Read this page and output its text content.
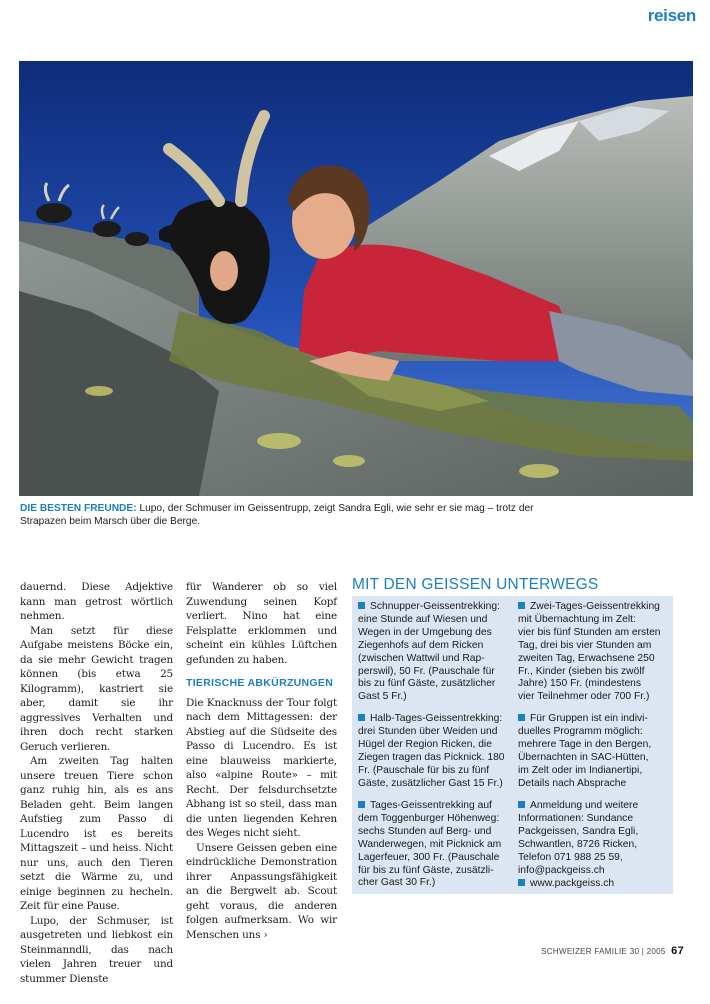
reisen
DIE BESTEN FREUNDE: Lupo, der Schmuser im Geissentrupp, zeigt Sandra Egli, wie sehr er sie mag – trotz der Strapazen beim Marsch über die Berge.

dauernd. Diese Adjektive kann man getrost wörtlich nehmen.

Man setzt für diese Aufgabe meistens Böcke ein, da sie mehr Gewicht tragen können (bis etwa 25 Kilogramm), kastriert sie aber, damit sie ihr aggressives Verhalten und ihren doch recht starken Geruch verlieren.

Am zweiten Tag halten unsere treuen Tiere schon ganz ruhig hin, als es ans Beladen geht. Beim langen Aufstieg zum Passo di Lucendro ist es bereits Mittagszeit – und heiss. Nicht nur uns, auch den Tieren setzt die Wärme zu, und einige beginnen zu hecheln. Zeit für eine Pause.

Lupo, der Schmuser, ist ausgetreten und liebkost ein Steinmanndli, das nach vielen Jahren treuer und stummer Dienste

für Wanderer ob so viel Zuwendung seinen Kopf verliert. Nino hat eine Felsplatte erklommen und scheint ein kühles Lüftchen gefunden zu haben.

TIERISCHE ABKÜRZUNGEN

Die Knacknuss der Tour folgt nach dem Mittagessen: der Abstieg auf die Südseite des Passo di Lucendro. Es ist eine blauweiss markierte, also «alpine Route» – mit Recht. Der felsdurchsetzte Abhang ist so steil, dass man die unten liegenden Kehren des Weges nicht sieht.

Unsere Geissen geben eine eindrückliche Demonstration ihrer Anpassungsfähigkeit an die Bergwelt ab. Scout geht voraus, die anderen folgen aufmerksam. Wo wir Menschen uns ›

MIT DEN GEISSEN UNTERWEGS
Schnupper-Geissentrekking:
eine Stunde auf Wiesen und
Wegen in der Umgebung des
Ziegenhofs auf dem Ricken
(zwischen Wattwil und Rap-
perswil), 50 Fr. (Pauschale für
bis zu fünf Gäste, zusätzlicher
Gast 5 Fr.)
Halb-Tages-Geissentrekking:
drei Stunden über Weiden und
Hügel der Region Ricken, die
Ziegen tragen das Picknick. 180
Fr. (Pauschale für bis zu fünf
Gäste, zusätzlicher Gast 15 Fr.)
Tages-Geissentrekking auf
dem Toggenburger Höhenweg:
sechs Stunden auf Berg- und
Wanderwegen, mit Picknick am
Lagerfeuer, 300 Fr. (Pauschale
für bis zu fünf Gäste, zusätzli-
cher Gast 30 Fr.)
Zwei-Tages-Geissentrekking
mit Übernachtung im Zelt:
vier bis fünf Stunden am ersten
Tag, drei bis vier Stunden am
zweiten Tag, Erwachsene 250
Fr., Kinder (sieben bis zwölf
Jahre) 150 Fr. (mindestens
vier Teilnehmer oder 700 Fr.)
Für Gruppen ist ein indivi-
duelles Programm möglich:
mehrere Tage in den Bergen,
Übernachten in SAC-Hütten,
im Zelt oder im Indianertipi,
Details nach Absprache
Anmeldung und weitere
Informationen: Sundance
Packgeissen, Sandra Egli,
Schwantlen, 8726 Ricken,
Telefon 071 988 25 59,
info@packgeiss.ch
www.packgeiss.ch
SCHWEIZER FAMILIE 30 | 2005 67
